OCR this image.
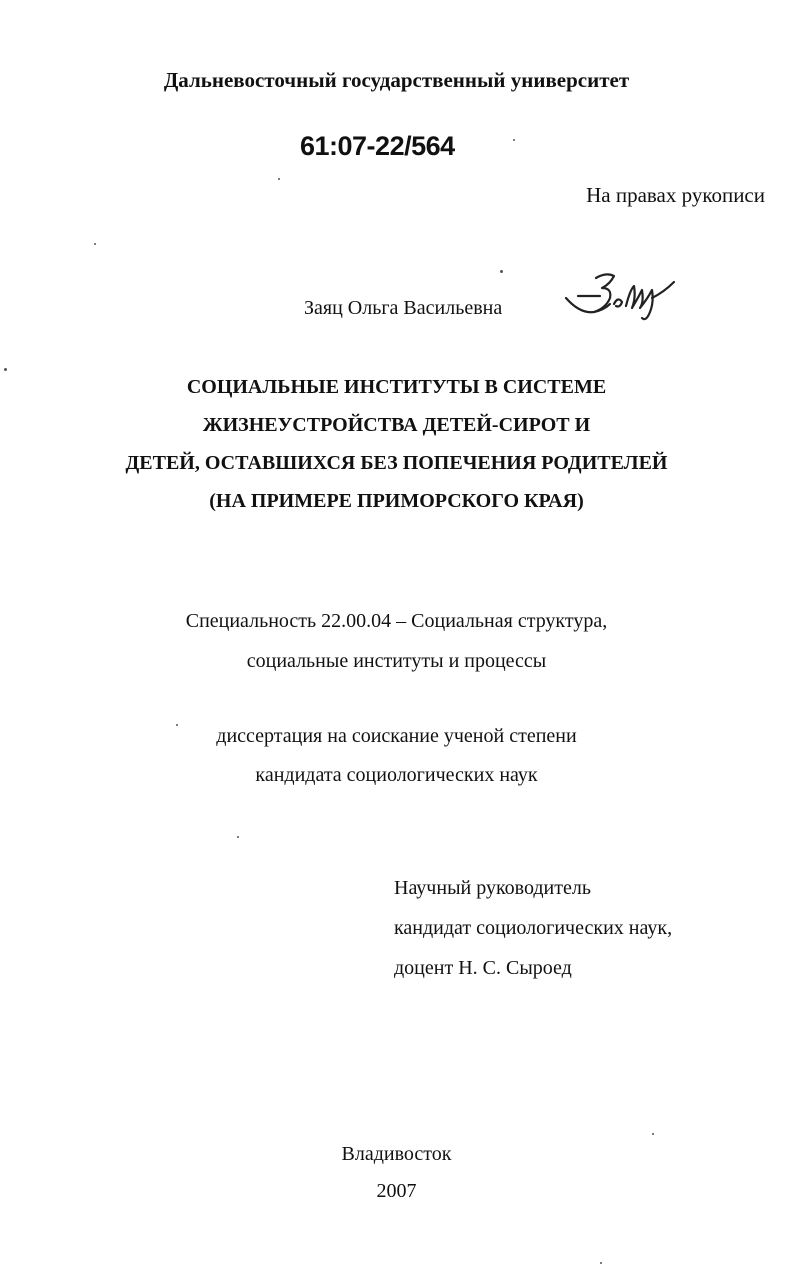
Дальневосточный государственный университет
61:07-22/564
На правах рукописи
Заяц Ольга Васильевна
СОЦИАЛЬНЫЕ ИНСТИТУТЫ В СИСТЕМЕ
ЖИЗНЕУСТРОЙСТВА ДЕТЕЙ-СИРОТ И
ДЕТЕЙ, ОСТАВШИХСЯ БЕЗ ПОПЕЧЕНИЯ РОДИТЕЛЕЙ
(НА ПРИМЕРЕ ПРИМОРСКОГО КРАЯ)
Специальность 22.00.04 – Социальная структура,
социальные институты и процессы
диссертация на соискание ученой степени
кандидата социологических наук
Научный руководитель
кандидат социологических наук,
доцент Н. С. Сыроед
Владивосток
2007
